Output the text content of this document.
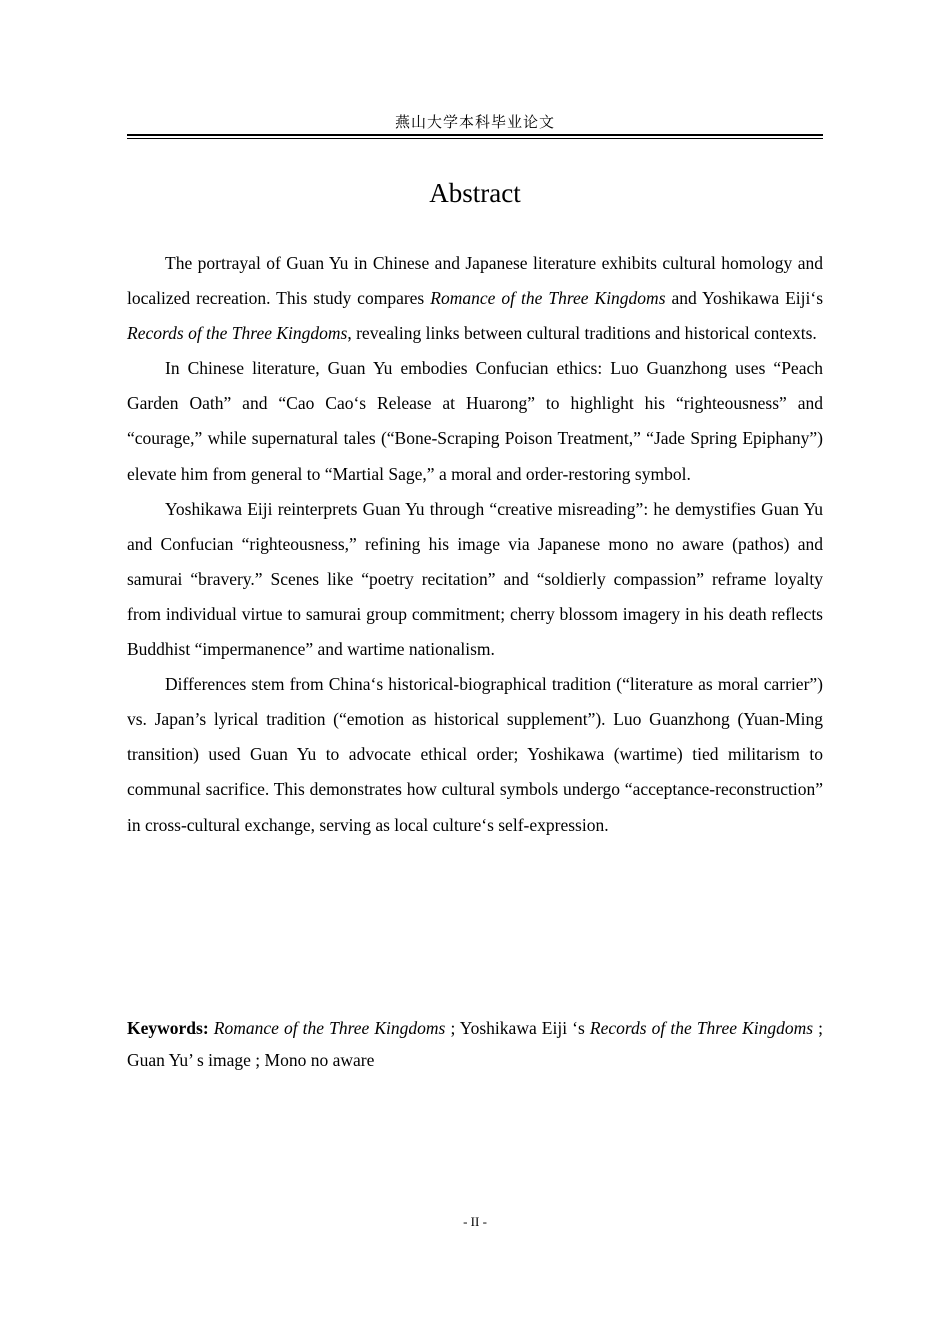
燕山大学本科毕业论文
Abstract

The portrayal of Guan Yu in Chinese and Japanese literature exhibits cultural homology and localized recreation. This study compares Romance of the Three Kingdoms and Yoshikawa Eiji‘s Records of the Three Kingdoms, revealing links between cultural traditions and historical contexts.

In Chinese literature, Guan Yu embodies Confucian ethics: Luo Guanzhong uses “Peach Garden Oath” and “Cao Cao‘s Release at Huarong” to highlight his “righteousness” and “courage,” while supernatural tales (“Bone-Scraping Poison Treatment,” “Jade Spring Epiphany”) elevate him from general to “Martial Sage,” a moral and order-restoring symbol.

Yoshikawa Eiji reinterprets Guan Yu through “creative misreading”: he demystifies Guan Yu and Confucian “righteousness,” refining his image via Japanese mono no aware (pathos) and samurai “bravery.” Scenes like “poetry recitation” and “soldierly compassion” reframe loyalty from individual virtue to samurai group commitment; cherry blossom imagery in his death reflects Buddhist “impermanence” and wartime nationalism.

Differences stem from China‘s historical-biographical tradition (“literature as moral carrier”) vs. Japan’s lyrical tradition (“emotion as historical supplement”). Luo Guanzhong (Yuan-Ming transition) used Guan Yu to advocate ethical order; Yoshikawa (wartime) tied militarism to communal sacrifice. This demonstrates how cultural symbols undergo “acceptance-reconstruction” in cross-cultural exchange, serving as local culture‘s self-expression.

Keywords: Romance of the Three Kingdoms ; Yoshikawa Eiji ‘s Records of the Three Kingdoms ; Guan Yu’ s image ; Mono no aware

- II -
